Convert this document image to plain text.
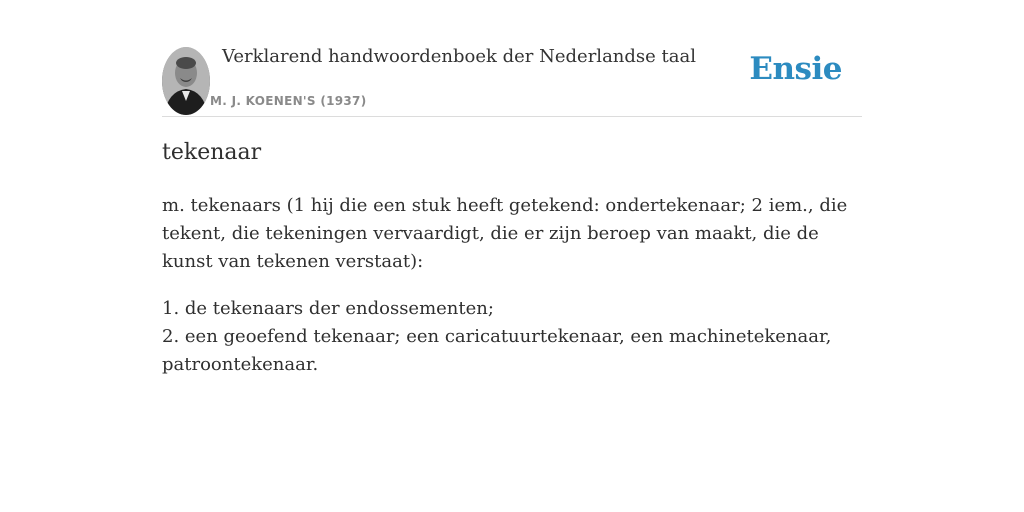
Verklarend handwoordenboek der Nederlandse taal
M. J. KOENEN'S (1937)
Ensie
tekenaar

m. tekenaars (1 hij die een stuk heeft getekend: ondertekenaar; 2 iem., die tekent, die tekeningen vervaardigt, die er zijn beroep van maakt, die de kunst van tekenen verstaat):

1. de tekenaars der endossementen;
2. een geoefend tekenaar; een caricatuurtekenaar, een machinetekenaar, patroontekenaar.
